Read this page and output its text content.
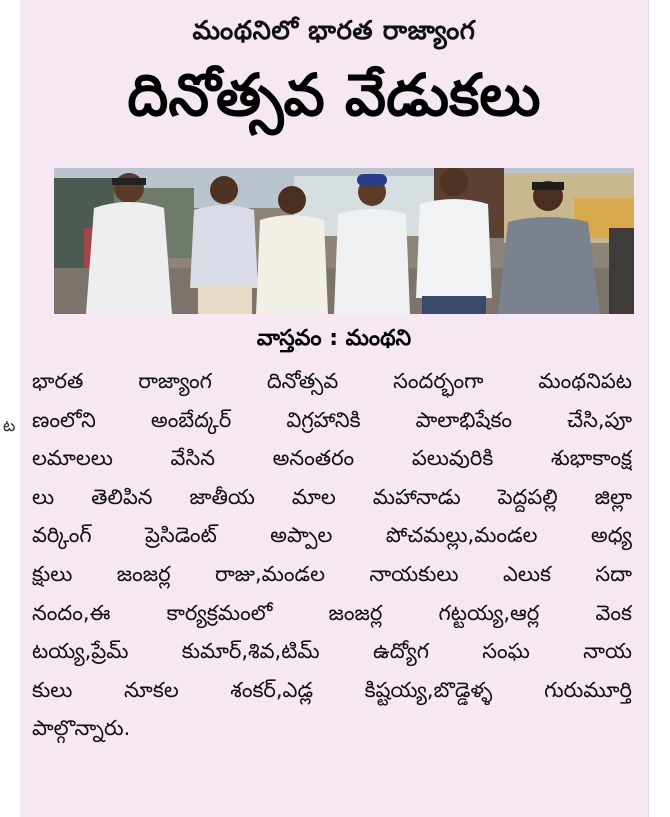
మంథనిలో భారత రాజ్యాంగ
దినోత్సవ వేడుకలు
వాస్తవం : మంథని
భారత రాజ్యాంగ దినోత్సవ సందర్భంగా మంథనిపట
ణంలోని అంబేద్కర్ విగ్రహానికి పాలాభిషేకం చేసి,పూ
లమాలలు వేసిన అనంతరం పలువురికి శుభాకాంక్ష
లు తెలిపిన జాతీయ మాల మహానాడు పెద్దపల్లి జిల్లా
వర్కింగ్ ప్రెసిడెంట్ అప్పాల పోచమల్లు,మండల అధ్య
క్షులు జంజర్ల రాజు,మండల నాయకులు ఎలుక సదా
నందం,ఈ కార్యక్రమంలో జంజర్ల గట్టయ్య,ఆర్ల వెంక
టయ్య,ప్రేమ్ కుమార్,శివ,టిమ్ ఉద్యోగ సంఘ నాయ
కులు నూకల శంకర్,ఎడ్ల కిష్టయ్య,బొడ్డెళ్ళ గురుమూర్తి
పాల్గొన్నారు.
ట
